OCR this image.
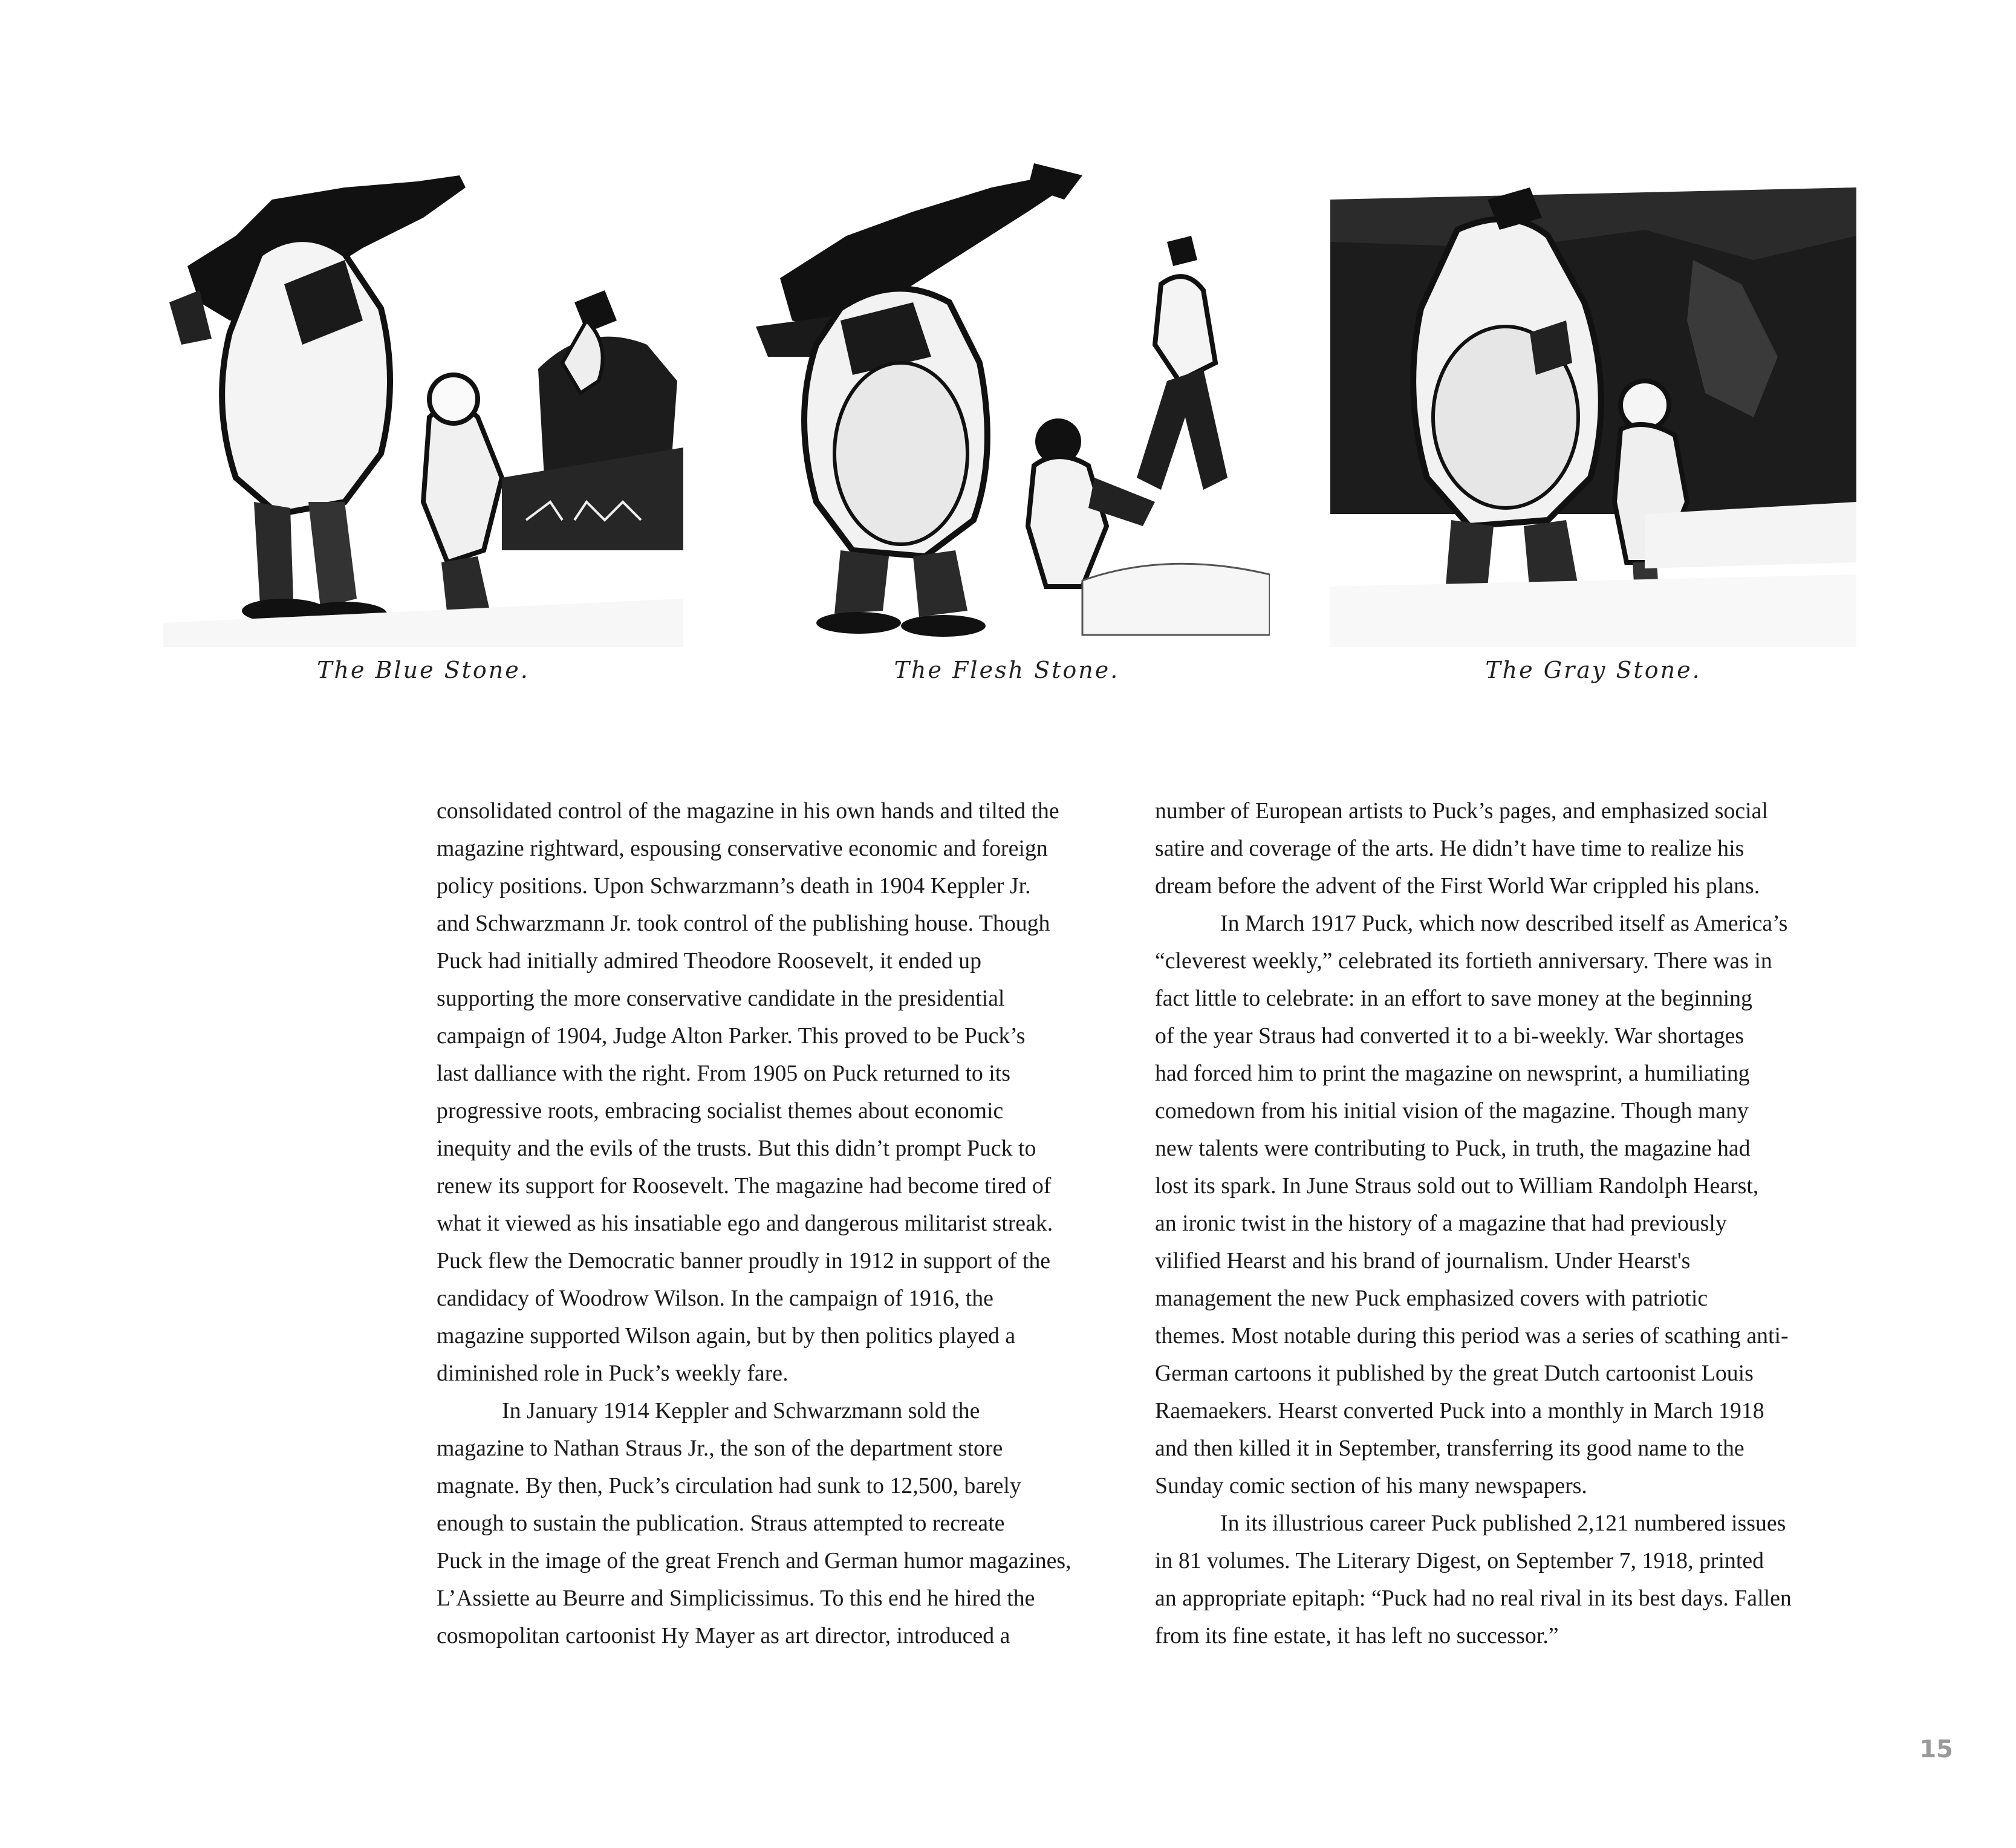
The Blue Stone.	The Flesh Stone.	The Gray Stone.

consolidated control of the magazine in his own hands and tilted the
magazine rightward, espousing conservative economic and foreign
policy positions. Upon Schwarzmann’s death in 1904 Keppler Jr.
and Schwarzmann Jr. took control of the publishing house. Though
Puck had initially admired Theodore Roosevelt, it ended up
supporting the more conservative candidate in the presidential
campaign of 1904, Judge Alton Parker. This proved to be Puck’s
last dalliance with the right. From 1905 on Puck returned to its
progressive roots, embracing socialist themes about economic
inequity and the evils of the trusts. But this didn’t prompt Puck to
renew its support for Roosevelt. The magazine had become tired of
what it viewed as his insatiable ego and dangerous militarist streak.
Puck flew the Democratic banner proudly in 1912 in support of the
candidacy of Woodrow Wilson. In the campaign of 1916, the
magazine supported Wilson again, but by then politics played a
diminished role in Puck’s weekly fare.

In January 1914 Keppler and Schwarzmann sold the
magazine to Nathan Straus Jr., the son of the department store
magnate. By then, Puck’s circulation had sunk to 12,500, barely
enough to sustain the publication. Straus attempted to recreate
Puck in the image of the great French and German humor magazines,
L’Assiette au Beurre and Simplicissimus. To this end he hired the
cosmopolitan cartoonist Hy Mayer as art director, introduced a

number of European artists to Puck’s pages, and emphasized social
satire and coverage of the arts. He didn’t have time to realize his
dream before the advent of the First World War crippled his plans.

In March 1917 Puck, which now described itself as America’s
“cleverest weekly,” celebrated its fortieth anniversary. There was in
fact little to celebrate: in an effort to save money at the beginning
of the year Straus had converted it to a bi-weekly. War shortages
had forced him to print the magazine on newsprint, a humiliating
comedown from his initial vision of the magazine. Though many
new talents were contributing to Puck, in truth, the magazine had
lost its spark. In June Straus sold out to William Randolph Hearst,
an ironic twist in the history of a magazine that had previously
vilified Hearst and his brand of journalism. Under Hearst's
management the new Puck emphasized covers with patriotic
themes. Most notable during this period was a series of scathing anti-
German cartoons it published by the great Dutch cartoonist Louis
Raemaekers. Hearst converted Puck into a monthly in March 1918
and then killed it in September, transferring its good name to the
Sunday comic section of his many newspapers.

In its illustrious career Puck published 2,121 numbered issues
in 81 volumes. The Literary Digest, on September 7, 1918, printed
an appropriate epitaph: “Puck had no real rival in its best days. Fallen
from its fine estate, it has left no successor.”

15
